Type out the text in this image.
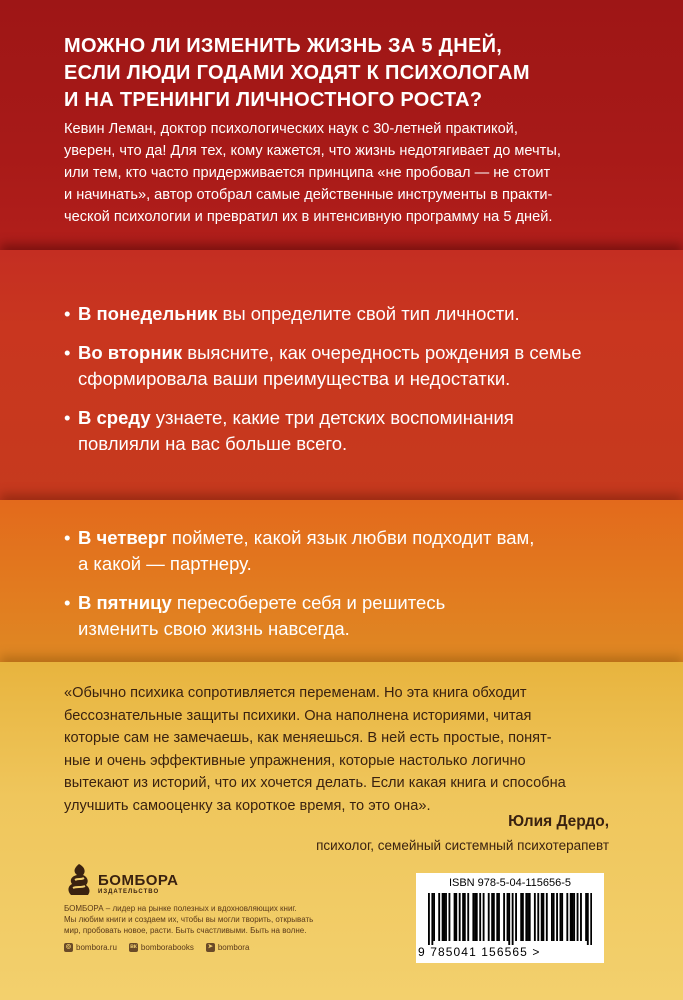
МОЖНО ЛИ ИЗМЕНИТЬ ЖИЗНЬ ЗА 5 ДНЕЙ,
ЕСЛИ ЛЮДИ ГОДАМИ ХОДЯТ К ПСИХОЛОГАМ
И НА ТРЕНИНГИ ЛИЧНОСТНОГО РОСТА?
Кевин Леман, доктор психологических наук с 30-летней практикой,
уверен, что да! Для тех, кому кажется, что жизнь недотягивает до мечты,
или тем, кто часто придерживается принципа «не пробовал — не стоит
и начинать», автор отобрал самые действенные инструменты в практи-
ческой психологии и превратил их в интенсивную программу на 5 дней.
• В понедельник вы определите свой тип личности.
• Во вторник выясните, как очередность рождения в семье
сформировала ваши преимущества и недостатки.
• В среду узнаете, какие три детских воспоминания
повлияли на вас больше всего.
• В четверг поймете, какой язык любви подходит вам,
а какой — партнеру.
• В пятницу пересоберете себя и решитесь
изменить свою жизнь навсегда.
«Обычно психика сопротивляется переменам. Но эта книга обходит
бессознательные защиты психики. Она наполнена историями, читая
которые сам не замечаешь, как меняешься. В ней есть простые, понят-
ные и очень эффективные упражнения, которые настолько логично
вытекают из историй, что их хочется делать. Если какая книга и способна
улучшить самооценку за короткое время, то это она».
Юлия Дердо,
психолог, семейный системный психотерапевт
БОМБОРА
ИЗДАТЕЛЬСТВО
БОМБОРА – лидер на рынке полезных и вдохновляющих книг.
Мы любим книги и создаем их, чтобы вы могли творить, открывать
мир, пробовать новое, расти. Быть счастливыми. Быть на волне.
◎ bombora.ru вк bomborabooks	➤ bombora
ISBN 978-5-04-115656-5
9 785041 156565 >
